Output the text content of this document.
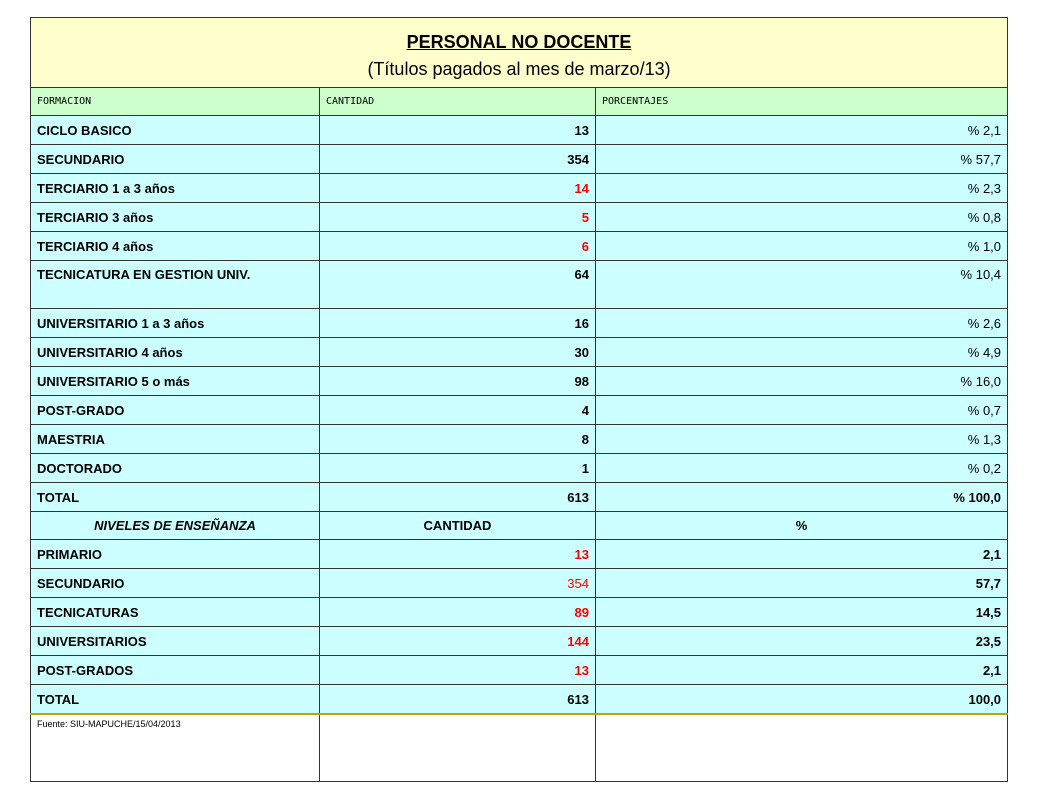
PERSONAL NO DOCENTE
(Títulos pagados al mes de marzo/13)		

FORMACION	CANTIDAD	PORCENTAJES
CICLO BASICO	13	% 2,1
SECUNDARIO	354	% 57,7
TERCIARIO 1 a 3 años	14	% 2,3
TERCIARIO 3 años	5	% 0,8
TERCIARIO 4 años	6	% 1,0
TECNICATURA EN GESTION UNIV.	64	% 10,4
UNIVERSITARIO 1 a 3 años	16	% 2,6
UNIVERSITARIO 4 años	30	% 4,9
UNIVERSITARIO 5 o más	98	% 16,0
POST-GRADO	4	% 0,7
MAESTRIA	8	% 1,3
DOCTORADO	1	% 0,2
TOTAL	613	% 100,0
NIVELES DE ENSEÑANZA	CANTIDAD	%
PRIMARIO	13	2,1
SECUNDARIO	354	57,7
TECNICATURAS	89	14,5
UNIVERSITARIOS	144	23,5
POST-GRADOS	13	2,1
TOTAL	613	100,0
Fuente: SIU-MAPUCHE/15/04/2013		
